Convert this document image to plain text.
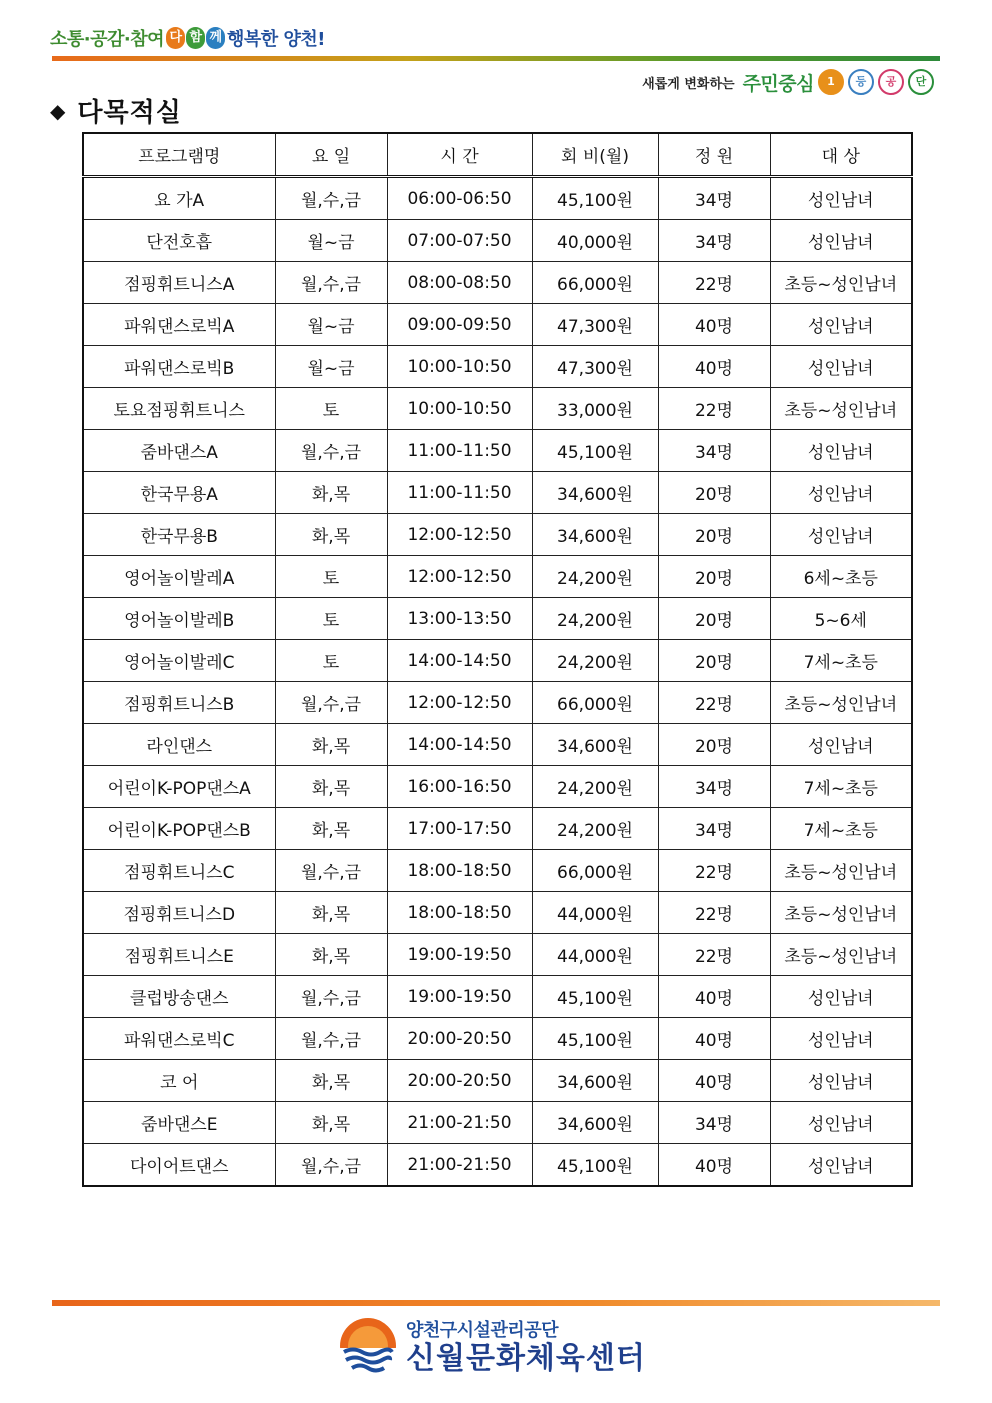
소통·공감·참여 다 함 께 행복한 양천!
새롭게 변화하는 주민중심	1	등	공	단
◆ 다목적실
프로그램명	요 일	시 간	회 비(월)	정 원	대 상
요 가A	월,수,금	06:00-06:50	45,100원	34명	성인남녀
단전호흡	월~금	07:00-07:50	40,000원	34명	성인남녀
점핑휘트니스A	월,수,금	08:00-08:50	66,000원	22명	초등~성인남녀
파워댄스로빅A	월~금	09:00-09:50	47,300원	40명	성인남녀
파워댄스로빅B	월~금	10:00-10:50	47,300원	40명	성인남녀
토요점핑휘트니스	토	10:00-10:50	33,000원	22명	초등~성인남녀
줌바댄스A	월,수,금	11:00-11:50	45,100원	34명	성인남녀
한국무용A	화,목	11:00-11:50	34,600원	20명	성인남녀
한국무용B	화,목	12:00-12:50	34,600원	20명	성인남녀
영어놀이발레A	토	12:00-12:50	24,200원	20명	6세~초등
영어놀이발레B	토	13:00-13:50	24,200원	20명	5~6세
영어놀이발레C	토	14:00-14:50	24,200원	20명	7세~초등
점핑휘트니스B	월,수,금	12:00-12:50	66,000원	22명	초등~성인남녀
라인댄스	화,목	14:00-14:50	34,600원	20명	성인남녀
어린이K-POP댄스A	화,목	16:00-16:50	24,200원	34명	7세~초등
어린이K-POP댄스B	화,목	17:00-17:50	24,200원	34명	7세~초등
점핑휘트니스C	월,수,금	18:00-18:50	66,000원	22명	초등~성인남녀
점핑휘트니스D	화,목	18:00-18:50	44,000원	22명	초등~성인남녀
점핑휘트니스E	화,목	19:00-19:50	44,000원	22명	초등~성인남녀
클럽방송댄스	월,수,금	19:00-19:50	45,100원	40명	성인남녀
파워댄스로빅C	월,수,금	20:00-20:50	45,100원	40명	성인남녀
코 어	화,목	20:00-20:50	34,600원	40명	성인남녀
줌바댄스E	화,목	21:00-21:50	34,600원	34명	성인남녀
다이어트댄스	월,수,금	21:00-21:50	45,100원	40명	성인남녀
양천구시설관리공단
신월문화체육센터
